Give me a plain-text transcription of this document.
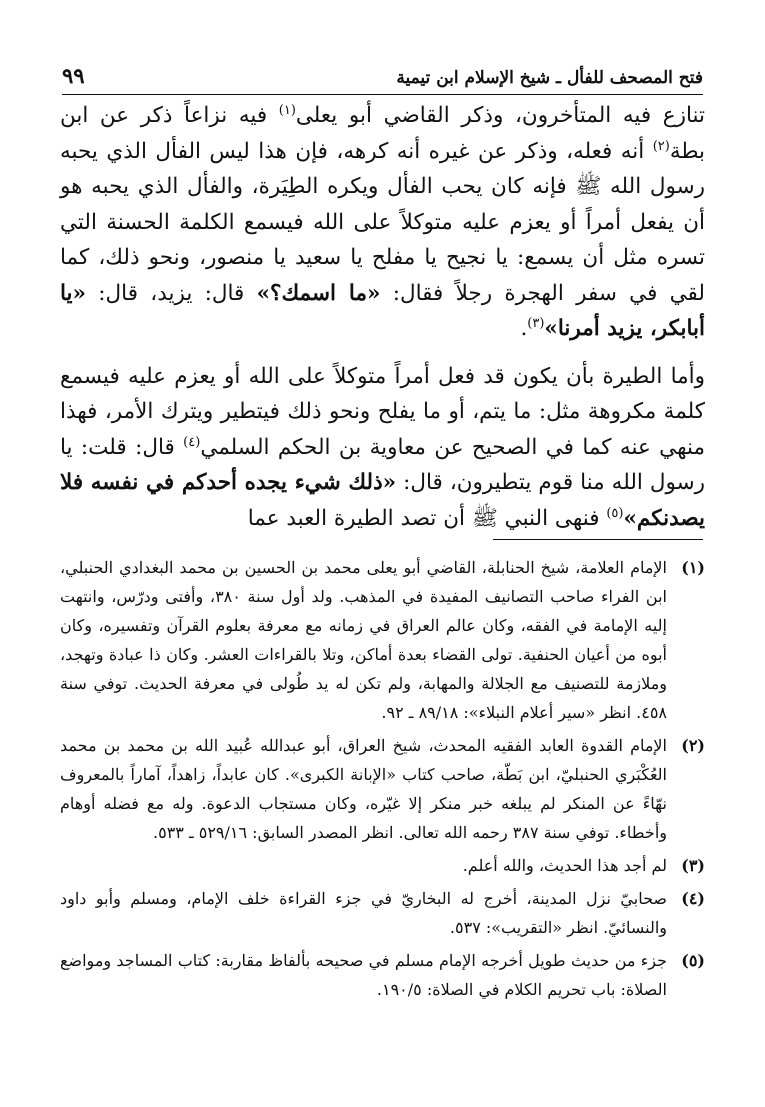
فتح المصحف للفأل ـ شيخ الإسلام ابن تيمية
٩٩

تنازع فيه المتأخرون، وذكر القاضي أبو يعلى$^{(١)}$ فيه نزاعاً ذكر عن ابن بطة$^{(٢)}$ أنه فعله، وذكر عن غيره أنه كرهه، فإن هذا ليس الفأل الذي يحبه رسول الله ﷺ فإنه كان يحب الفأل ويكره الطِيَرة، والفأل الذي يحبه هو أن يفعل أمراً أو يعزم عليه متوكلاً على الله فيسمع الكلمة الحسنة التي تسره مثل أن يسمع: يا نجيح يا مفلح يا سعيد يا منصور، ونحو ذلك، كما لقي في سفر الهجرة رجلاً فقال: «ما اسمك؟» قال: يزيد، قال: «يا أبابكر، يزيد أمرنا»$^{(٣)}$.

وأما الطيرة بأن يكون قد فعل أمراً متوكلاً على الله أو يعزم عليه فيسمع كلمة مكروهة مثل: ما يتم، أو ما يفلح ونحو ذلك فيتطير ويترك الأمر، فهذا منهي عنه كما في الصحيح عن معاوية بن الحكم السلمي$^{(٤)}$ قال: قلت: يا رسول الله منا قوم يتطيرون، قال: «ذلك شيء يجده أحدكم في نفسه فلا يصدنكم»$^{(٥)}$ فنهى النبي ﷺ أن تصد الطيرة العبد عما

(١)
الإمام العلامة، شيخ الحنابلة، القاضي أبو يعلى محمد بن الحسين بن محمد البغدادي الحنبلي، ابن الفراء صاحب التصانيف المفيدة في المذهب. ولد أول سنة ٣٨٠، وأفتى ودرّس، وانتهت إليه الإمامة في الفقه، وكان عالم العراق في زمانه مع معرفة بعلوم القرآن وتفسيره، وكان أبوه من أعيان الحنفية. تولى القضاء بعدة أماكن، وتلا بالقراءات العشر. وكان ذا عبادة وتهجد، وملازمة للتصنيف مع الجلالة والمهابة، ولم تكن له يد طُولى في معرفة الحديث. توفي سنة ٤٥٨. انظر «سير أعلام النبلاء»: ٨٩/١٨ ـ ٩٢.
(٢)
الإمام القدوة العابد الفقيه المحدث، شيخ العراق، أبو عبدالله عُبيد الله بن محمد بن محمد العُكْبَري الحنبليّ، ابن بَطّة، صاحب كتاب «الإبانة الكبرى». كان عابداً، زاهداً، آماراً بالمعروف نهّاءً عن المنكر لم يبلغه خبر منكر إلا غيّره، وكان مستجاب الدعوة. وله مع فضله أوهام وأخطاء. توفي سنة ٣٨٧ رحمه الله تعالى. انظر المصدر السابق: ٥٢٩/١٦ ـ ٥٣٣.
(٣)
لم أجد هذا الحديث، والله أعلم.
(٤)
صحابيّ نزل المدينة، أخرج له البخاريّ في جزء القراءة خلف الإمام، ومسلم وأبو داود والنسائيّ. انظر «التقريب»: ٥٣٧.
(٥)
جزء من حديث طويل أخرجه الإمام مسلم في صحيحه بألفاظ مقاربة: كتاب المساجد ومواضع الصلاة: باب تحريم الكلام في الصلاة: ١٩٠/٥.
